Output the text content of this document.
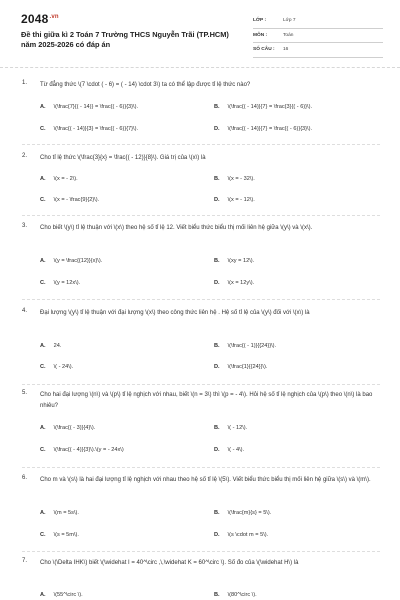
$2048^{.vn}$
Đề thi giữa kì 2 Toán 7 Trường THCS Nguyễn Trãi (TP.HCM) năm 2025-2026 có đáp án
LỚP :	Lớp 7
MÔN :	Toán
SỐ CÂU :	16
1. Từ đẳng thức \(7 \cdot ( - 6) = ( - 14) \cdot 3\) ta có thể lập được tỉ lệ thức nào?
A. \(\frac{7}{( - 14)} = \frac{( - 6)}{3}\).	B. \(\frac{( - 14)}{7} = \frac{3}{( - 6)}\).
C. \(\frac{( - 14)}{3} = \frac{( - 6)}{7}\).	D. \(\frac{( - 14)}{7} = \frac{( - 6)}{3}\).
2. Cho tỉ lệ thức \(\frac{3}{x} = \frac{( - 12)}{8}\). Giá trị của \(x\) là
A. \(x = - 2\).	B. \(x = - 32\).
C. \(x = - \frac{9}{2}\).	D. \(x = - 12\).
3. Cho biết \(y\) tỉ lệ thuận với \(x\) theo hệ số tỉ lệ 12. Viết biểu thức biểu thị mối liên hệ giữa \(y\) và \(x\).
A. \(y = \frac{{12}}{x}\).	B. \(xy = 12\).
C. \(y = 12x\).	D. \(x = 12y\).
4. Đại lượng \(y\) tỉ lệ thuận với đại lượng \(x\) theo công thức liên hệ . Hệ số tỉ lệ của \(y\) đối với \(x\) là
A. 24.	B. \(\frac{( - 1)}{{24}}\).
C. \( - 24\).	D. \(\frac{1}{{24}}\).
5. Cho hai đại lượng \(n\) và \(p\) tỉ lệ nghịch với nhau, biết \(n = 3\) thì \(p = - 4\). Hỏi hệ số tỉ lệ nghịch của \(p\) theo \(n\) là bao nhiêu?
A. \(\frac{( - 3)}{4}\).	B. \( - 12\).
C. \(\frac{( - 4)}{3}\).\(y = - 24x\)	D. \( - 4\).
6. Cho m và \(s\) là hai đại lượng tỉ lệ nghịch với nhau theo hệ số tỉ lệ \(5\). Viết biểu thức biểu thị mối liên hệ giữa \(s\) và \(m\).
A. \(m = 5s\).	B. \(\frac{m}{s} = 5\).
C. \(s = 5m\).	D. \(s \cdot m = 5\).
7. Cho \(\Delta IHK\) biết \(\widehat I = 40^\circ ,\,\widehat K = 60^\circ \). Số đo của \(\widehat H\) là
A. \(55^\circ \).	B. \(80^\circ \).
